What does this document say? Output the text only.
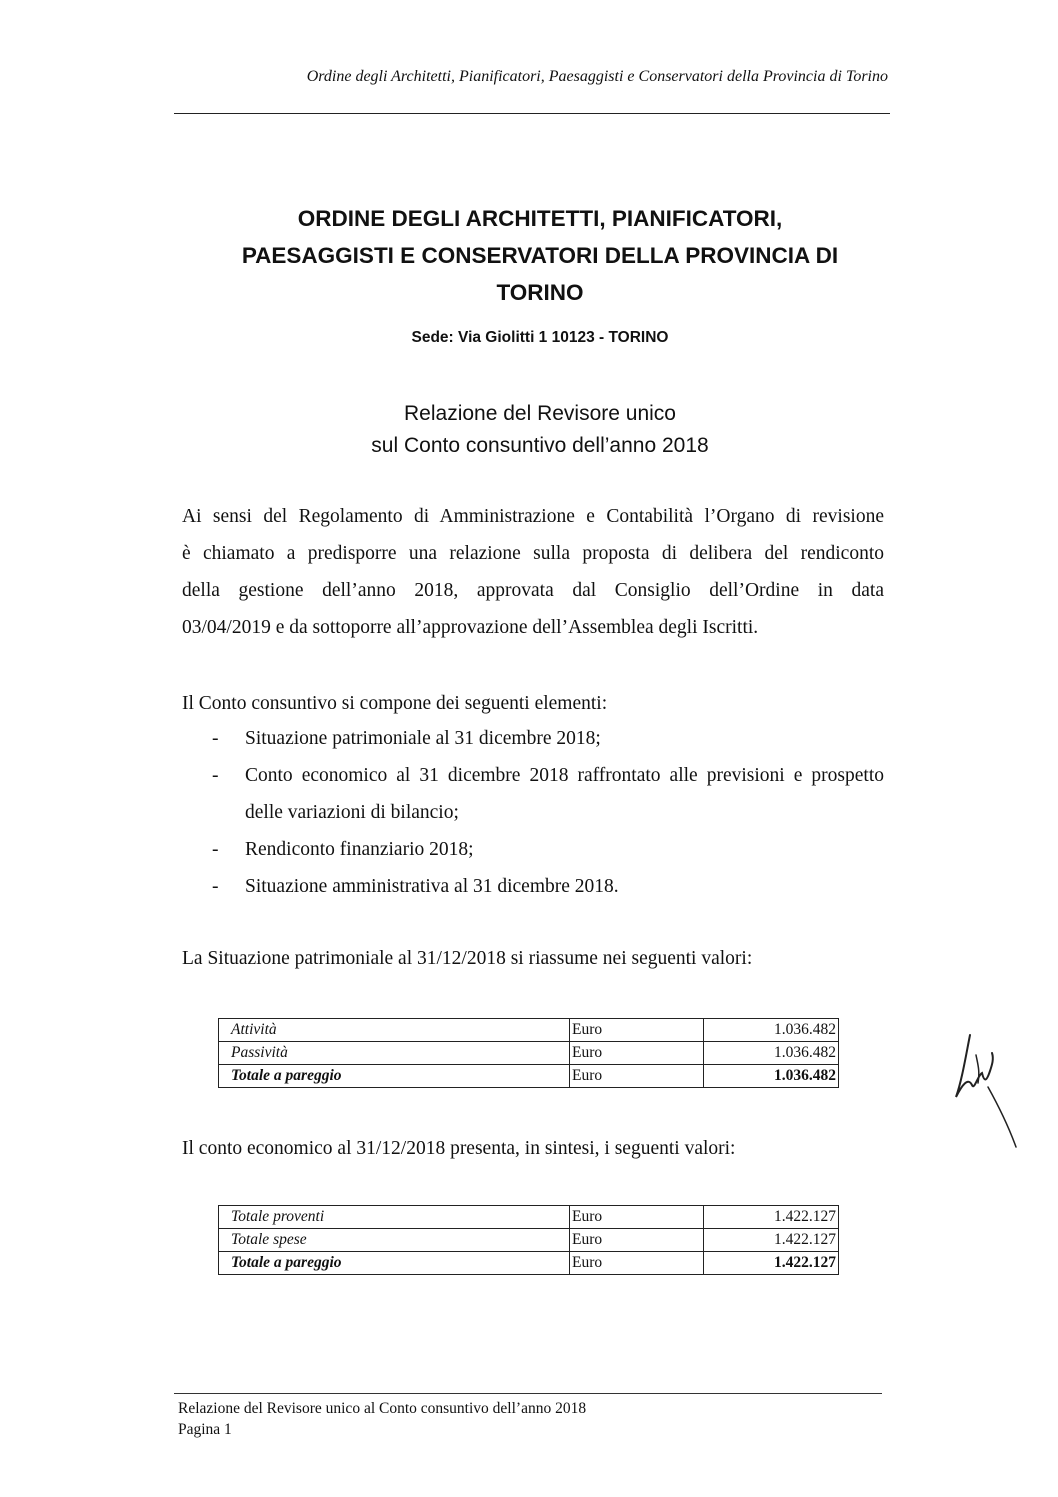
Ordine degli Architetti, Pianificatori, Paesaggisti e Conservatori della Provincia di Torino
ORDINE DEGLI ARCHITETTI, PIANIFICATORI,
PAESAGGISTI E CONSERVATORI DELLA PROVINCIA DI
TORINO
Sede: Via Giolitti 1 10123 - TORINO
Relazione del Revisore unico
sul Conto consuntivo dell’anno 2018
Ai sensi del Regolamento di Amministrazione e Contabilità l’Organo di revisione
è chiamato a predisporre una relazione sulla proposta di delibera del rendiconto
della gestione dell’anno 2018, approvata dal Consiglio dell’Ordine in data
03/04/2019 e da sottoporre all’approvazione dell’Assemblea degli Iscritti.
Il Conto consuntivo si compone dei seguenti elementi:
- Situazione patrimoniale al 31 dicembre 2018;
- Conto economico al 31 dicembre 2018 raffrontato alle previsioni e prospetto
delle variazioni di bilancio;
- Rendiconto finanziario 2018;
- Situazione amministrativa al 31 dicembre 2018.
La Situazione patrimoniale al 31/12/2018 si riassume nei seguenti valori:
Attività	Euro	1.036.482
Passività	Euro	1.036.482
Totale a pareggio	Euro	1.036.482
Il conto economico al 31/12/2018 presenta, in sintesi, i seguenti valori:
Totale proventi	Euro	1.422.127
Totale spese	Euro	1.422.127
Totale a pareggio	Euro	1.422.127
Relazione del Revisore unico al Conto consuntivo dell’anno 2018
Pagina 1
